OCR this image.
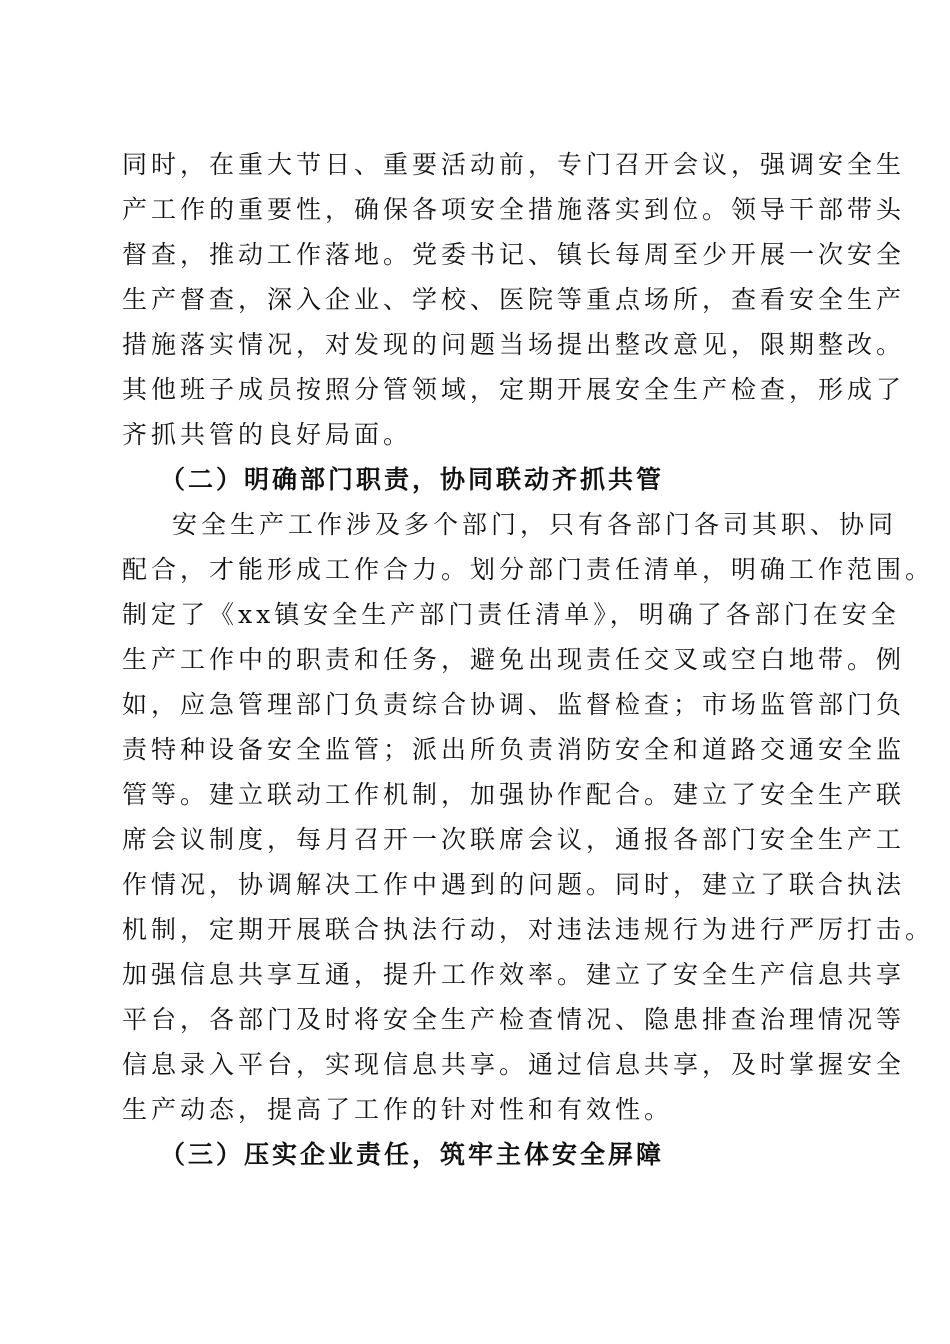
同时，在重大节日、重要活动前，专门召开会议，强调安全生
产工作的重要性，确保各项安全措施落实到位。领导干部带头
督查，推动工作落地。党委书记、镇长每周至少开展一次安全
生产督查，深入企业、学校、医院等重点场所，查看安全生产
措施落实情况，对发现的问题当场提出整改意见，限期整改。
其他班子成员按照分管领域，定期开展安全生产检查，形成了
齐抓共管的良好局面。
（二）明确部门职责，协同联动齐抓共管
安全生产工作涉及多个部门，只有各部门各司其职、协同
配合，才能形成工作合力。划分部门责任清单，明确工作范围。
制定了《xx镇安全生产部门责任清单》，明确了各部门在安全
生产工作中的职责和任务，避免出现责任交叉或空白地带。例
如，应急管理部门负责综合协调、监督检查；市场监管部门负
责特种设备安全监管；派出所负责消防安全和道路交通安全监
管等。建立联动工作机制，加强协作配合。建立了安全生产联
席会议制度，每月召开一次联席会议，通报各部门安全生产工
作情况，协调解决工作中遇到的问题。同时，建立了联合执法
机制，定期开展联合执法行动，对违法违规行为进行严厉打击。
加强信息共享互通，提升工作效率。建立了安全生产信息共享
平台，各部门及时将安全生产检查情况、隐患排查治理情况等
信息录入平台，实现信息共享。通过信息共享，及时掌握安全
生产动态，提高了工作的针对性和有效性。
（三）压实企业责任，筑牢主体安全屏障
